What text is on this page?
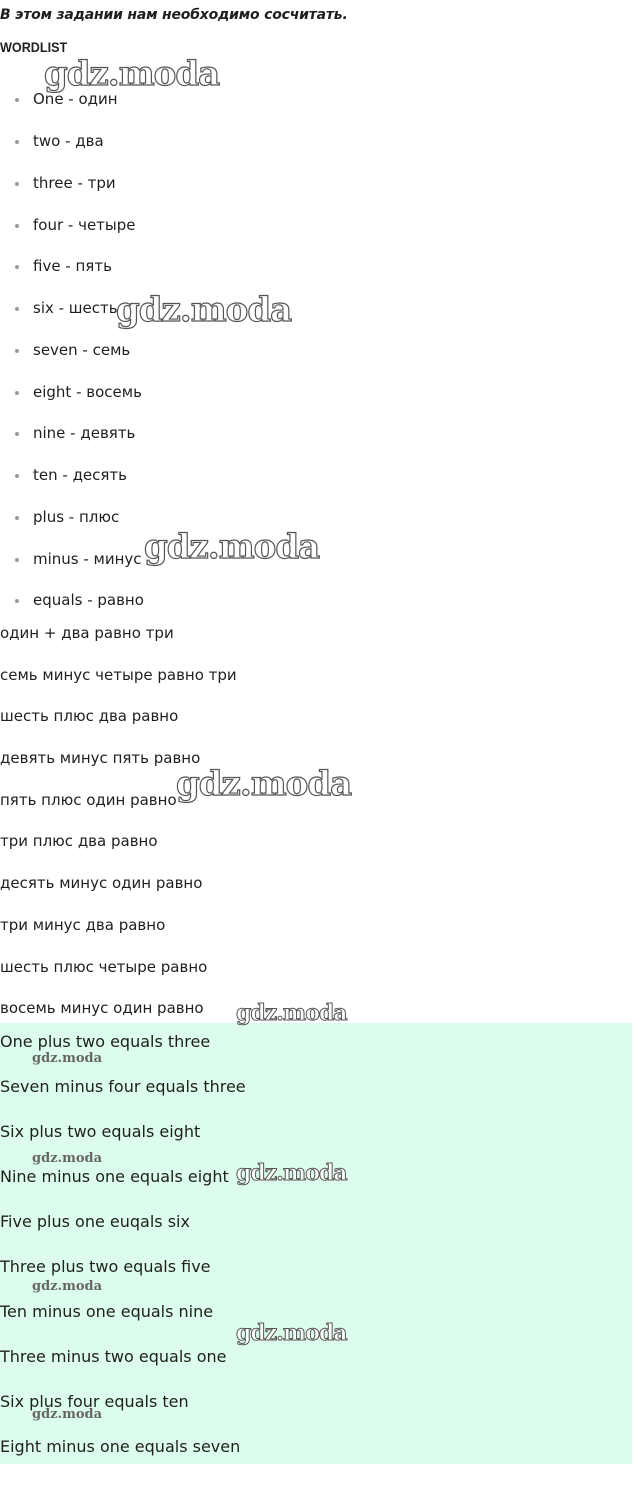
В этом задании нам необходимо сосчитать.
WORDLIST
One - один
two - два
three - три
four - четыре
five - пять
six - шесть
seven - семь
eight - восемь
nine - девять
ten - десять
plus - плюс
minus - минус
equals - равно
один + два равно три
семь минус четыре равно три
шесть плюс два равно
девять минус пять равно
пять плюс один равно
три плюс два равно
десять минус один равно
три минус два равно
шесть плюс четыре равно
восемь минус один равно
One plus two equals three
Seven minus four equals three
Six plus two equals eight
Nine minus one equals eight
Five plus one euqals six
Three plus two equals five
Ten minus one equals nine
Three minus two equals one
Six plus four equals ten
Eight minus one equals seven
gdz.moda
gdz.moda
gdz.moda
gdz.moda
gdz.moda
gdz.moda
gdz.moda
gdz.moda
gdz.moda
gdz.moda
gdz.moda
